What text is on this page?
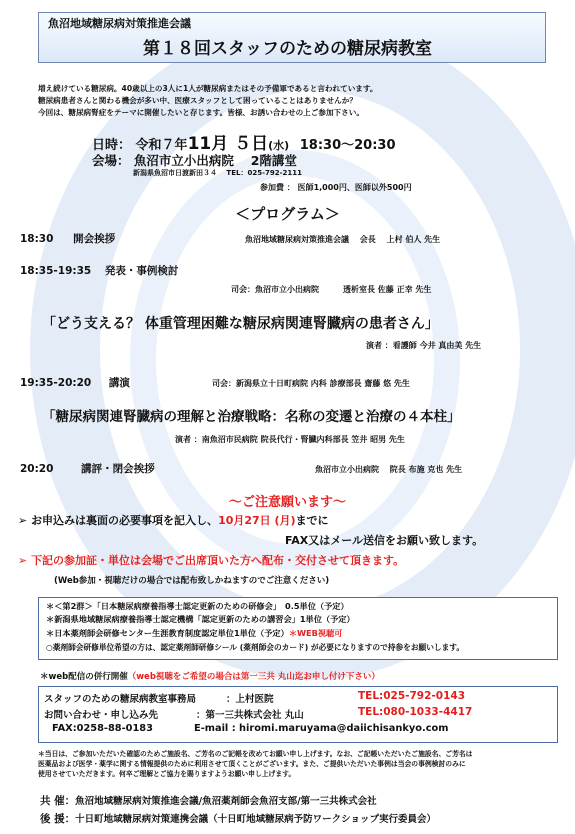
魚沼地域糖尿病対策推進会議
第１８回スタッフのための糖尿病教室
増え続けている糖尿病。40歳以上の3人に1人が糖尿病またはその予備軍であると言われています。
糖尿病患者さんと関わる機会が多い中、医療スタッフとして困っていることはありませんか？
今回は、糖尿病腎症をテーマに開催したいと存じます。皆様、お誘い合わせの上ご参加下さい。
日時： 令和７年11月 ５日(水) 18:30～20:30
会場： 魚沼市立小出病院　 2階講堂
新潟県魚沼市日渡新田３４　 TEL：025-792-2111
参加費 ： 医師1,000円、医師以外500円
＜プログラム＞
18:30 開会挨拶	魚沼地域糖尿病対策推進会議　 会長　 上村 伯人 先生
18:35-19:35 発表・事例検討
司会：魚沼市立小出病院　　　透析室長 佐藤 正幸 先生
「どう支える？ 体重管理困難な糖尿病関連腎臓病の患者さん」
演者 ：看護師 今井 真由美 先生
19:35-20:20 講演	司会：新潟県立十日町病院 内科 診療部長 齋藤 悠 先生
「糖尿病関連腎臓病の理解と治療戦略：名称の変遷と治療の４本柱」
演者 ：南魚沼市民病院 院長代行・腎臓内科部長 笠井 昭男 先生
20:20	講評・閉会挨拶	魚沼市立小出病院　 院長 布施 克也 先生
～ご注意願います～
➢ お申込みは裏面の必要事項を記入し、10月27日 (月)までに
FAX又はメール送信をお願い致します。
➢ 下記の参加証・単位は会場でご出席頂いた方へ配布・交付させて頂きます。
(Web参加・視聴だけの場合では配布致しかねますのでご注意ください)
＊＜第2群＞「日本糖尿病療養指導士認定更新のための研修会」　0.5単位（予定）
＊新潟県地域糖尿病療養指導士認定機構「認定更新のための講習会」1単位（予定）
＊日本薬剤師会研修センター生涯教育制度認定単位1単位（予定）＊WEB視聴可
○薬剤師会研修単位希望の方は、認定薬剤師研修シール (薬剤師会のカード) が必要になりますので持参をお願いします。
＊web配信の併行開催（web視聴をご希望の場合は第一三共 丸山迄お申し付け下さい）
スタッフのための糖尿病教室事務局	：上村医院	TEL:025-792-0143
お問い合わせ・申し込み先	：第一三共株式会社 丸山	TEL:080-1033-4417
FAX:0258-88-0183	E-mail : hiromi.maruyama@daiichisankyo.com
＊当日は、ご参加いただいた確認のためご施設名、ご芳名のご記帳を改めてお願い申し上げます。なお、ご記帳いただいたご施設名、ご芳名は
医薬品および医学・薬学に関する情報提供のために利用させて頂くことがございます。また、ご提供いただいた事例は当会の事例検討のみに
使用させていただきます。何卒ご理解とご協力を賜りますようお願い申し上げます。
共 催：魚沼地域糖尿病対策推進会議/魚沼薬剤師会魚沼支部/第一三共株式会社
後 援：十日町地域糖尿病対策連携会議（十日町地域糖尿病予防ワークショップ実行委員会）
